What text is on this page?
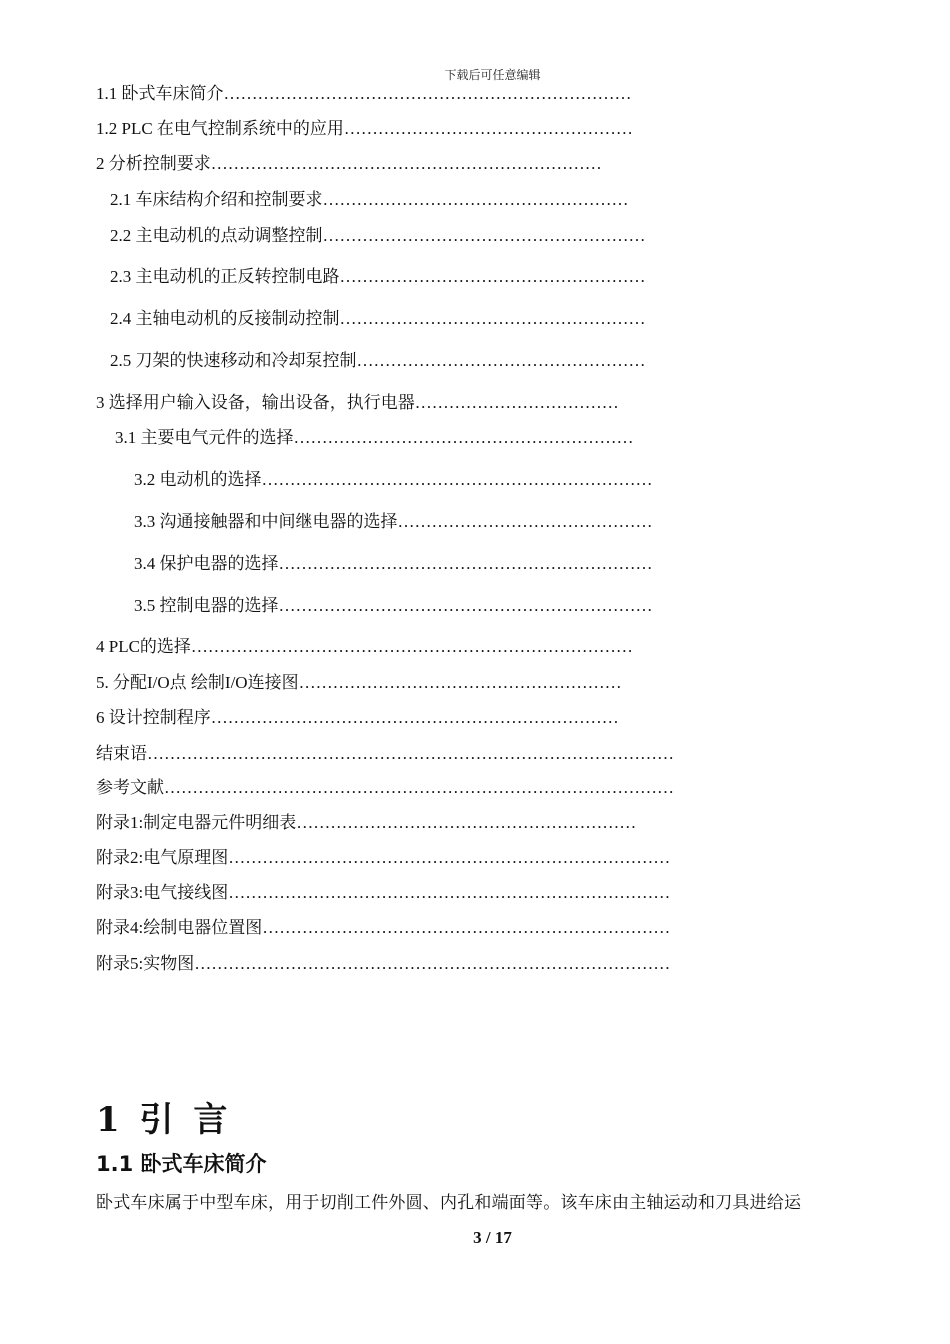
下载后可任意编辑
1.1 卧式车床简介………………………………………………………………
1.2 PLC 在电气控制系统中的应用……………………………………………
2 分析控制要求……………………………………………………………
2.1 车床结构介绍和控制要求………………………………………………
2.2 主电动机的点动调整控制…………………………………………………
2.3 主电动机的正反转控制电路………………………………………………
2.4 主轴电动机的反接制动控制………………………………………………
2.5 刀架的快速移动和冷却泵控制……………………………………………
3 选择用户输入设备，输出设备，执行电器………………………………
3.1 主要电气元件的选择……………………………………………………
3.2 电动机的选择……………………………………………………………
3.3 沟通接触器和中间继电器的选择………………………………………
3.4 保护电器的选择…………………………………………………………
3.5 控制电器的选择…………………………………………………………
4 PLC的选择……………………………………………………………………
5. 分配I/O点 绘制I/O连接图…………………………………………………
6 设计控制程序………………………………………………………………
结束语…………………………………………………………………………………
参考文献………………………………………………………………………………
附录1:制定电器元件明细表……………………………………………………
附录2:电气原理图……………………………………………………………………
附录3:电气接线图……………………………………………………………………
附录4:绘制电器位置图………………………………………………………………
附录5:实物图…………………………………………………………………………
1 引 言
1.1 卧式车床简介
卧式车床属于中型车床，用于切削工件外圆、内孔和端面等。该车床由主轴运动和刀具进给运
3 / 17
